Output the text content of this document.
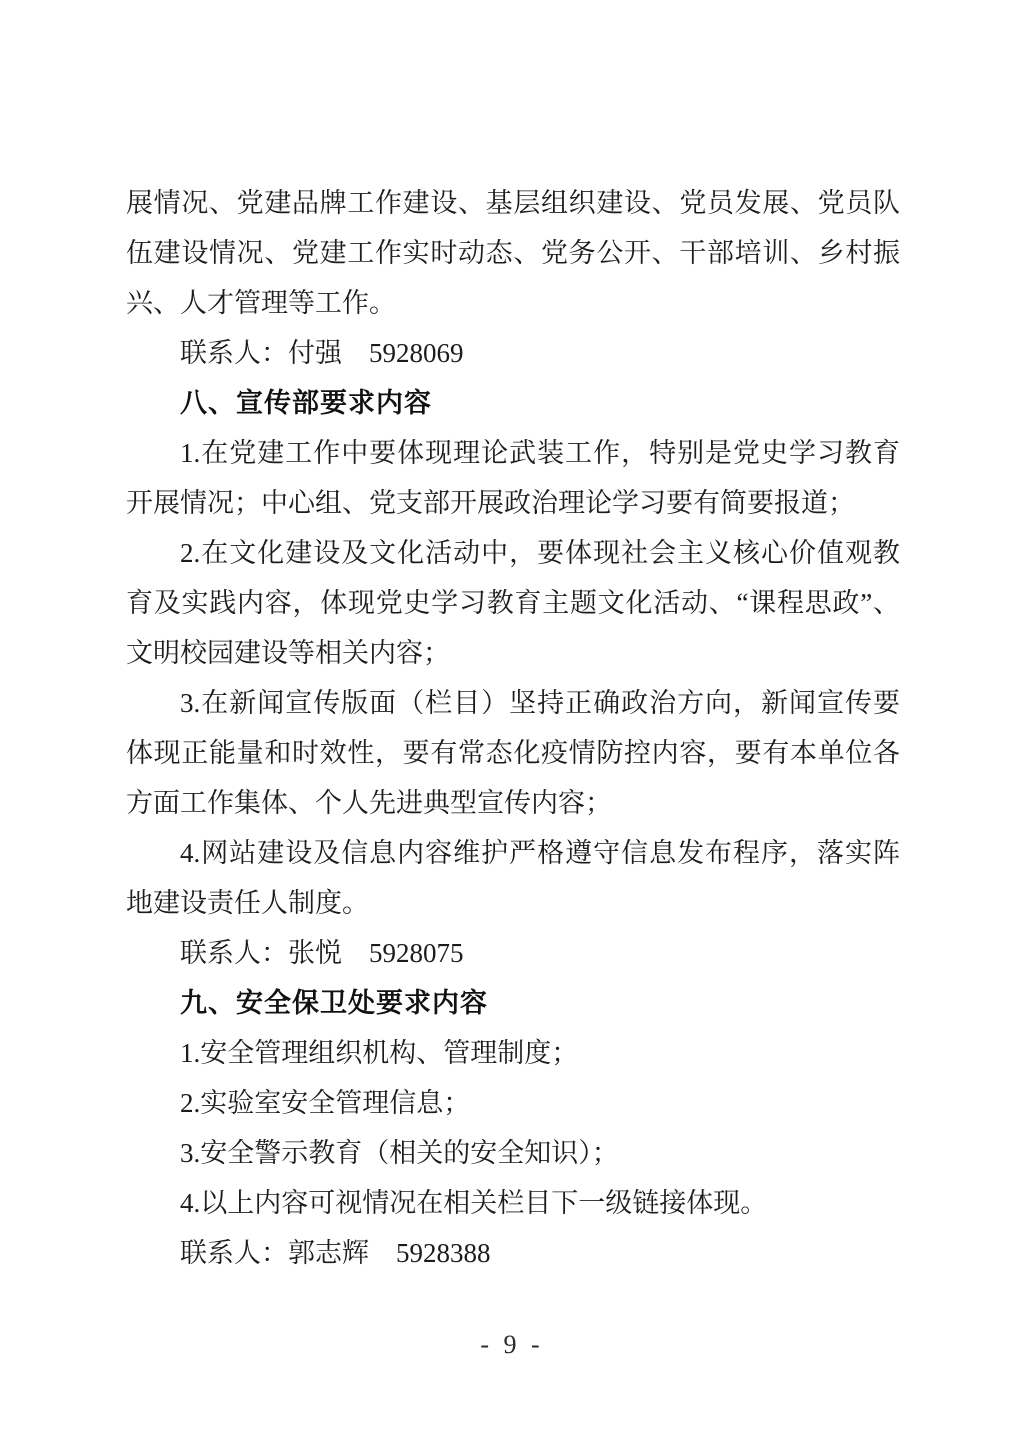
展情况、党建品牌工作建设、基层组织建设、党员发展、党员队伍建设情况、党建工作实时动态、党务公开、干部培训、乡村振兴、人才管理等工作。

联系人：付强　5928069

八、宣传部要求内容

1.在党建工作中要体现理论武装工作，特别是党史学习教育开展情况；中心组、党支部开展政治理论学习要有简要报道；

2.在文化建设及文化活动中，要体现社会主义核心价值观教育及实践内容，体现党史学习教育主题文化活动、“课程思政”、文明校园建设等相关内容；

3.在新闻宣传版面（栏目）坚持正确政治方向，新闻宣传要体现正能量和时效性，要有常态化疫情防控内容，要有本单位各方面工作集体、个人先进典型宣传内容；

4.网站建设及信息内容维护严格遵守信息发布程序，落实阵地建设责任人制度。

联系人：张悦　5928075

九、安全保卫处要求内容

1.安全管理组织机构、管理制度；

2.实验室安全管理信息；

3.安全警示教育（相关的安全知识）；

4.以上内容可视情况在相关栏目下一级链接体现。

联系人：郭志辉　5928388

- 9 -
